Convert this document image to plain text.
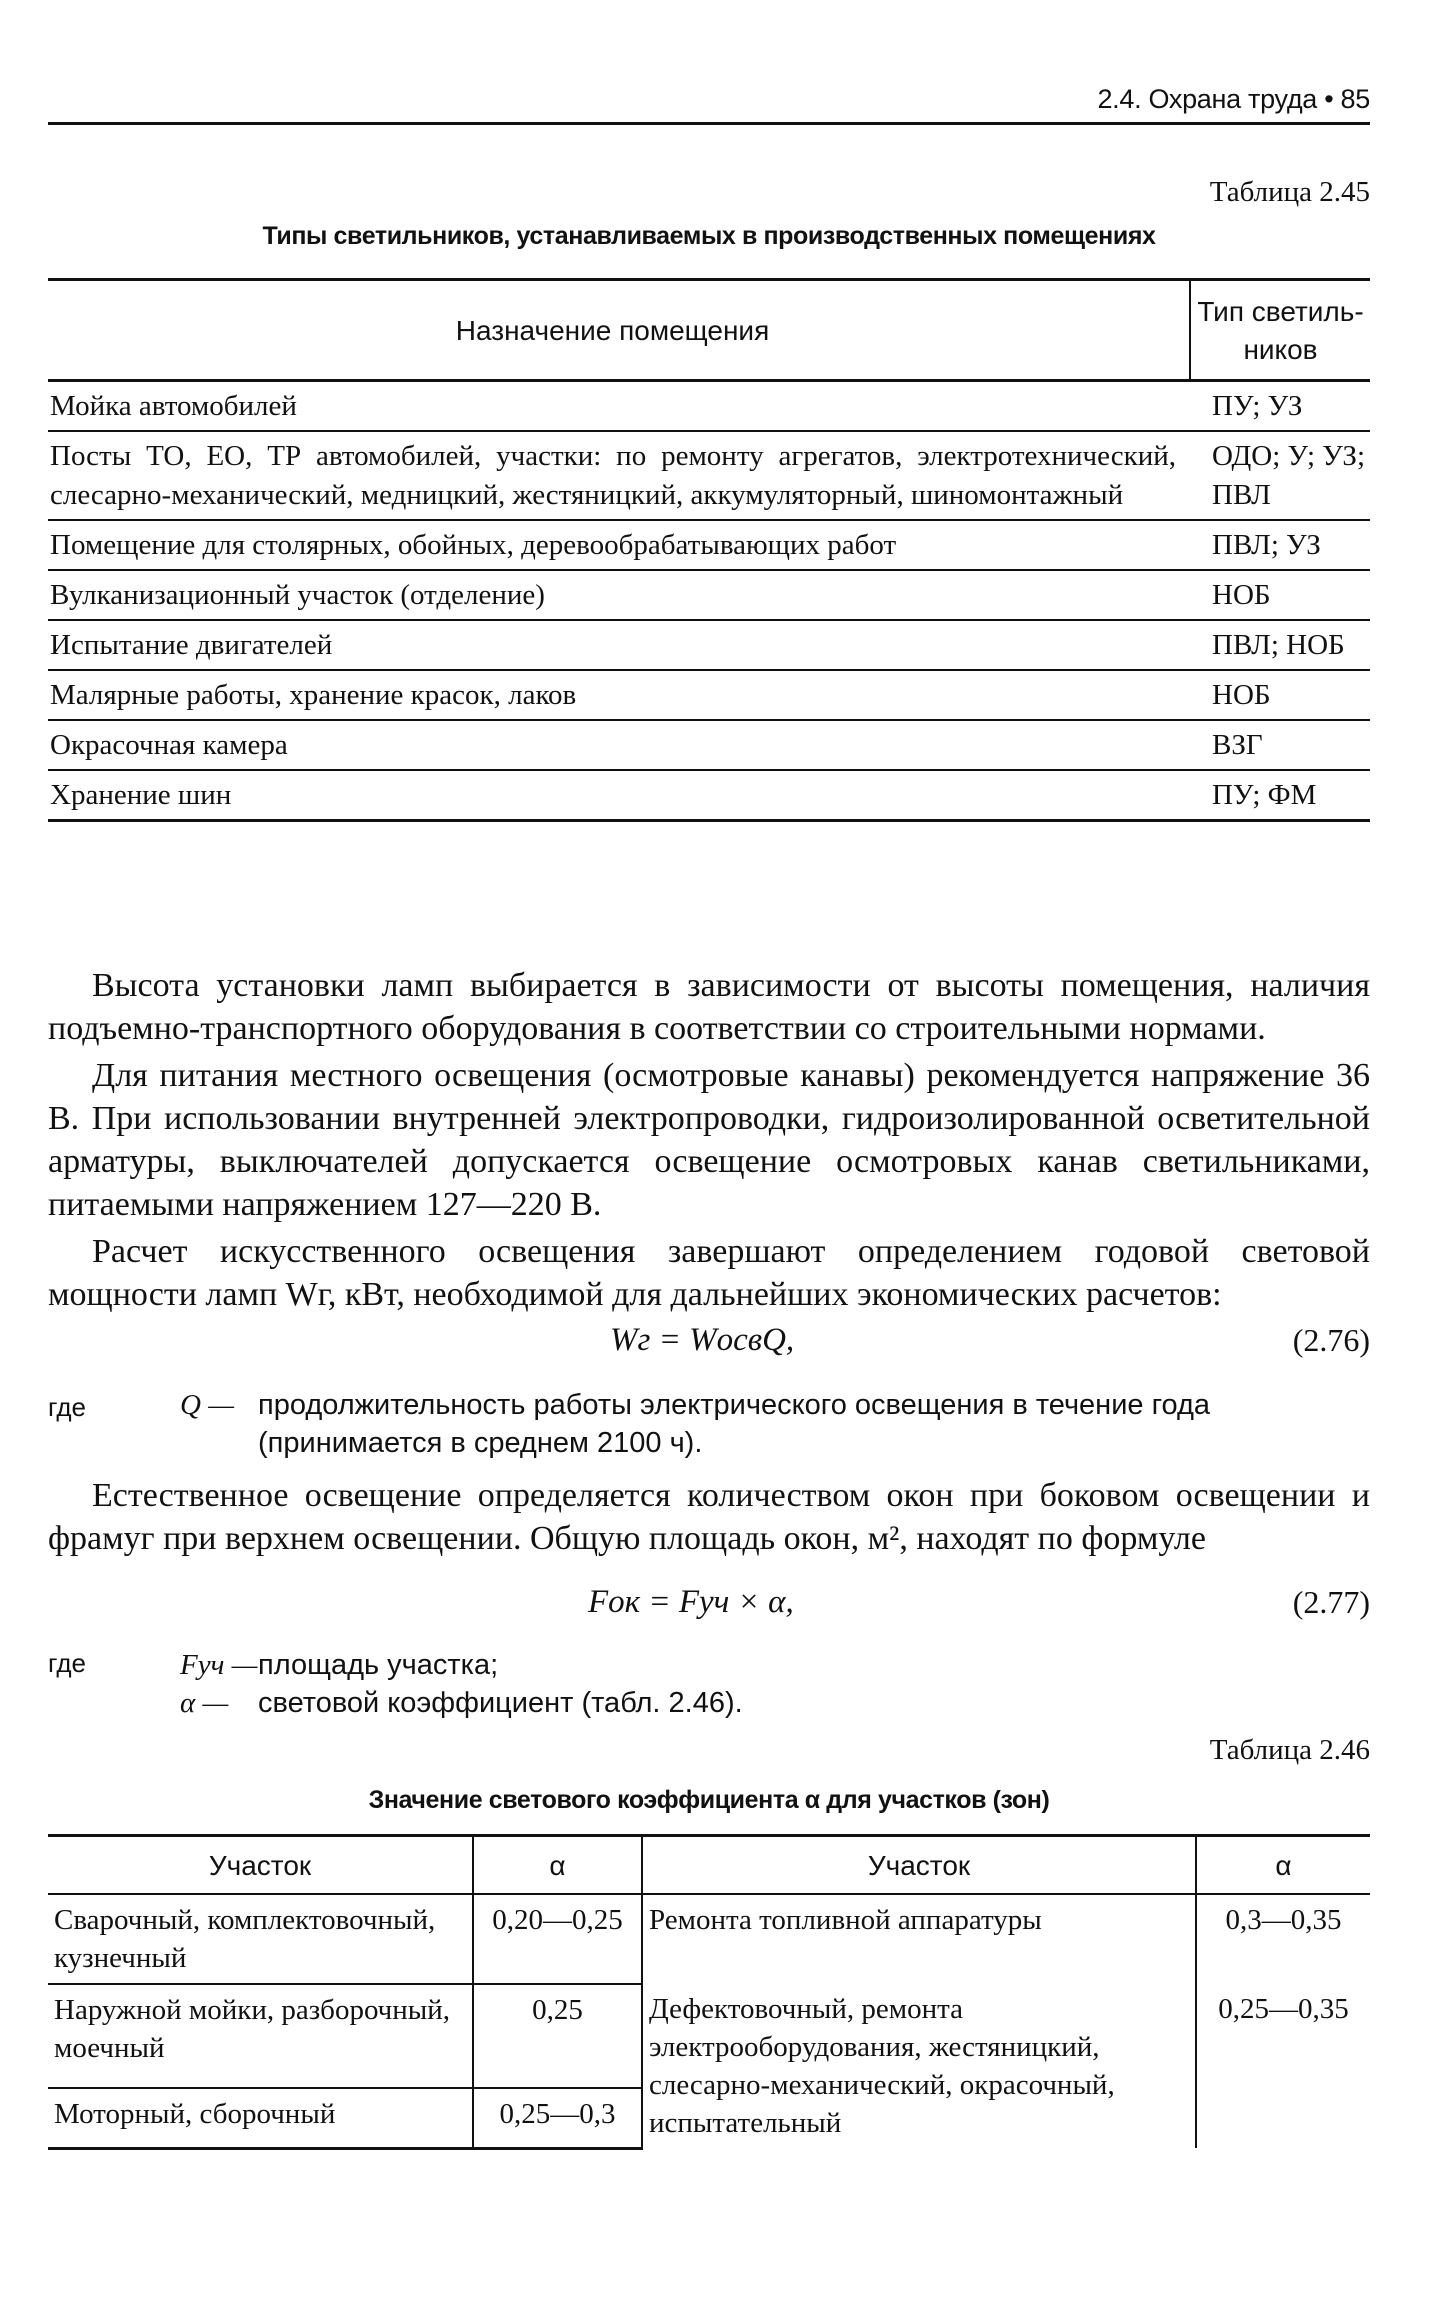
2.4. Охрана труда • 85
Таблица 2.45
Типы светильников, устанавливаемых в производственных помещениях
Назначение помещения	Тип светиль-ников
Мойка автомобилей	ПУ; УЗ
Посты ТО, ЕО, ТР автомобилей, участки: по ремонту агрегатов, электротехнический, слесарно-механический, медницкий, жестяницкий, аккумуляторный, шиномонтажный	ОДО; У; УЗ; ПВЛ
Помещение для столярных, обойных, деревообрабатывающих работ	ПВЛ; УЗ
Вулканизационный участок (отделение)	НОБ
Испытание двигателей	ПВЛ; НОБ
Малярные работы, хранение красок, лаков	НОБ
Окрасочная камера	ВЗГ
Хранение шин	ПУ; ФМ
Высота установки ламп выбирается в зависимости от высоты помещения, наличия подъемно-транспортного оборудования в соответствии со строительными нормами.
Для питания местного освещения (осмотровые канавы) рекомендуется напряжение 36 В. При использовании внутренней электропроводки, гидроизолированной осветительной арматуры, выключателей допускается освещение осмотровых канав светильниками, питаемыми напряжением 127—220 В.
Расчет искусственного освещения завершают определением годовой световой мощности ламп Wг, кВт, необходимой для дальнейших экономических расчетов:
Wг = WосвQ,	(2.76)
где	Q — продолжительность работы электрического освещения в течение года (принимается в среднем 2100 ч).
Естественное освещение определяется количеством окон при боковом освещении и фрамуг при верхнем освещении. Общую площадь окон, м², находят по формуле
Fок = Fуч × α,	(2.77)
где	Fуч — площадь участка;
α —	световой коэффициент (табл. 2.46).
Таблица 2.46
Значение светового коэффициента α для участков (зон)
Участок	α	Участок	α
Сварочный, комплектовочный, кузнечный	0,20—0,25	Ремонта топливной аппаратуры	0,3—0,35
Наружной мойки, разборочный, моечный	0,25	Дефектовочный, ремонта электрооборудования, жестяницкий, слесарно-механический, окрасочный, испытательный	0,25—0,35
Моторный, сборочный	0,25—0,3		
